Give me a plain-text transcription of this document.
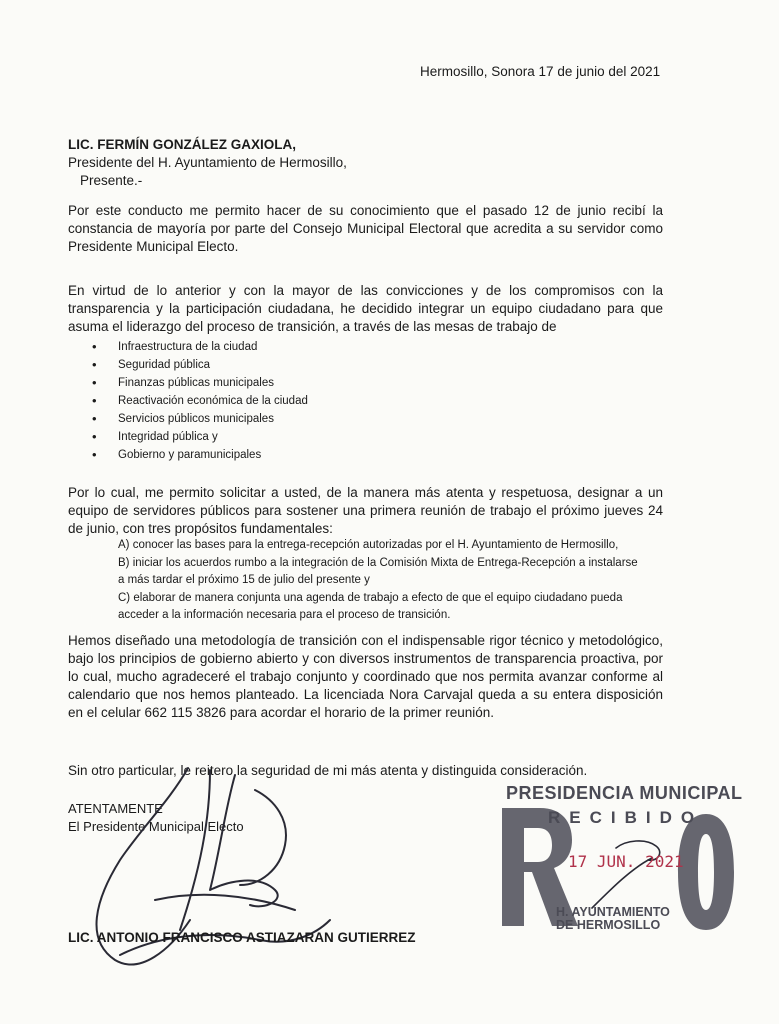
Hermosillo, Sonora 17 de junio del 2021
LIC. FERMÍN GONZÁLEZ GAXIOLA,
Presidente del H. Ayuntamiento de Hermosillo,
Presente.-
Por este conducto me permito hacer de su conocimiento que el pasado 12 de junio recibí la constancia de mayoría por parte del Consejo Municipal Electoral que acredita a su servidor como Presidente Municipal Electo.
En virtud de lo anterior y con la mayor de las convicciones y de los compromisos con la transparencia y la participación ciudadana, he decidido integrar un equipo ciudadano para que asuma el liderazgo del proceso de transición, a través de las mesas de trabajo de
• Infraestructura de la ciudad
• Seguridad pública
• Finanzas públicas municipales
• Reactivación económica de la ciudad
• Servicios públicos municipales
• Integridad pública y
• Gobierno y paramunicipales
Por lo cual, me permito solicitar a usted, de la manera más atenta y respetuosa, designar a un equipo de servidores públicos para sostener una primera reunión de trabajo el próximo jueves 24 de junio, con tres propósitos fundamentales:
A) conocer las bases para la entrega-recepción autorizadas por el H. Ayuntamiento de Hermosillo,
B) iniciar los acuerdos rumbo a la integración de la Comisión Mixta de Entrega-Recepción a instalarse
a más tardar el próximo 15 de julio del presente y
C) elaborar de manera conjunta una agenda de trabajo a efecto de que el equipo ciudadano pueda
acceder a la información necesaria para el proceso de transición.
Hemos diseñado una metodología de transición con el indispensable rigor técnico y metodológico, bajo los principios de gobierno abierto y con diversos instrumentos de transparencia proactiva, por lo cual, mucho agradeceré el trabajo conjunto y coordinado que nos permita avanzar conforme al calendario que nos hemos planteado. La licenciada Nora Carvajal queda a su entera disposición en el celular 662 115 3826 para acordar el horario de la primer reunión.
Sin otro particular, le reitero la seguridad de mi más atenta y distinguida consideración.
ATENTAMENTE
El Presidente Municipal Electo
LIC. ANTONIO FRANCISCO ASTIAZARAN GUTIERREZ
PRESIDENCIA MUNICIPAL
RECIBIDO
17 JUN. 2021
H. AYUNTAMIENTO
DE HERMOSILLO
